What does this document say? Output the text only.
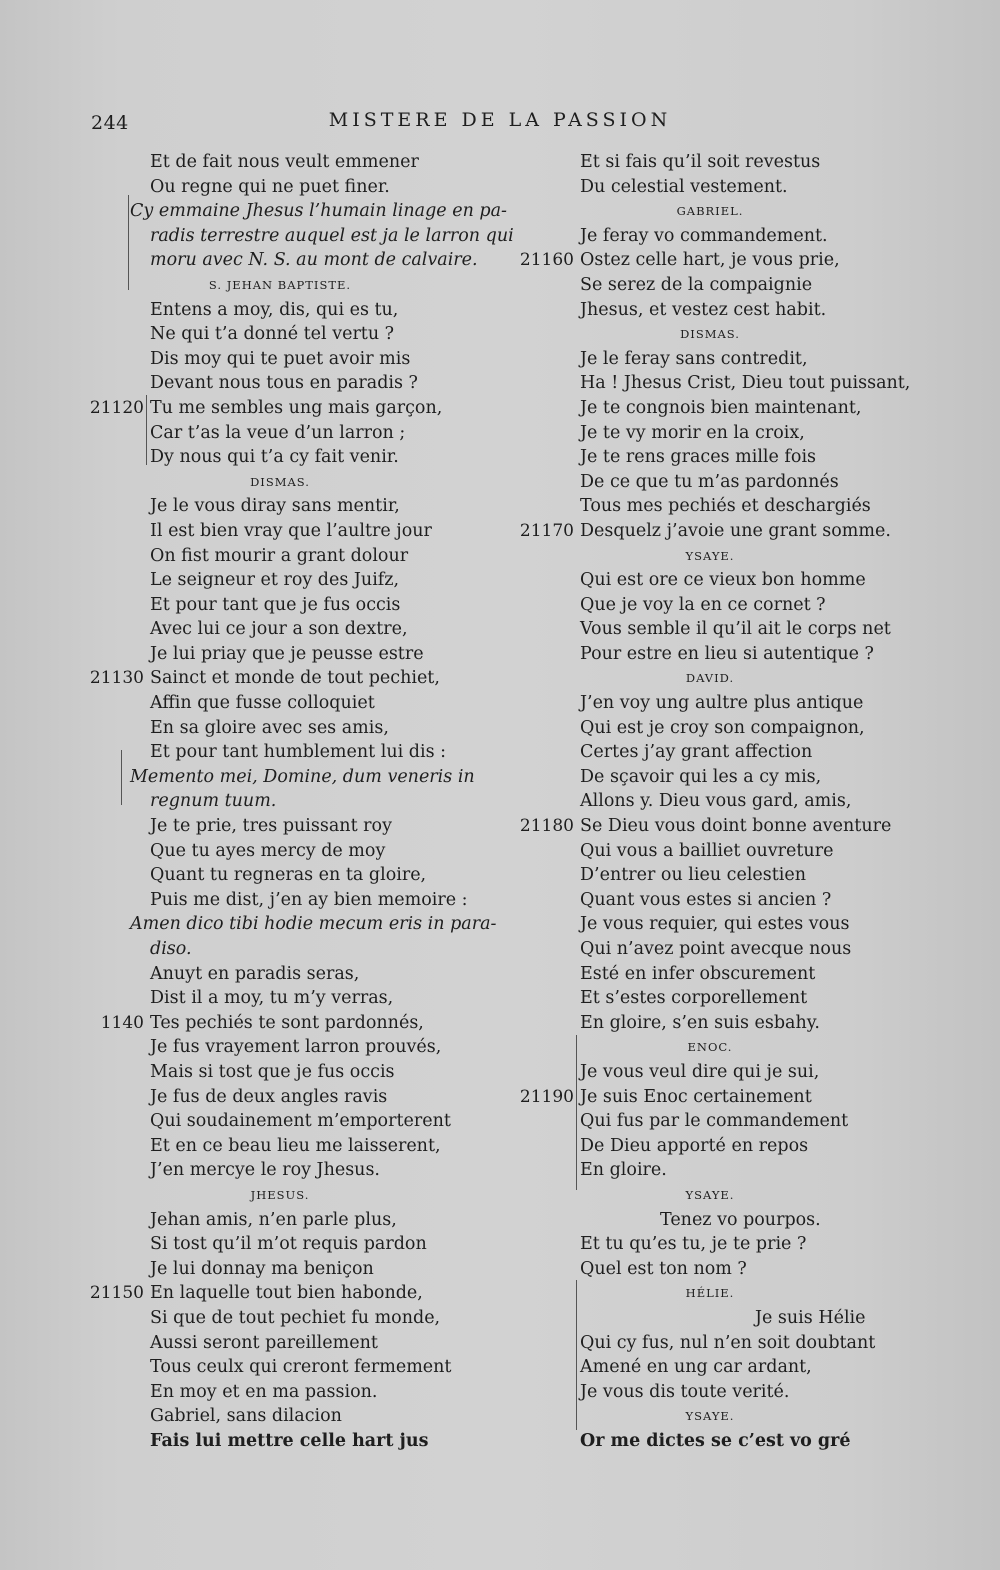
244	MISTERE DE LA PASSION
Et de fait nous veult emmener
Ou regne qui ne puet finer.
Cy emmaine Jhesus l’humain linage en pa-
radis terrestre auquel est ja le larron qui
moru avec N. S. au mont de calvaire.
S. JEHAN BAPTISTE.
Entens a moy, dis, qui es tu,
Ne qui t’a donné tel vertu ?
Dis moy qui te puet avoir mis
Devant nous tous en paradis ?
21120 Tu me sembles ung mais garçon,
Car t’as la veue d’un larron ;
Dy nous qui t’a cy fait venir.
DISMAS.
Je le vous diray sans mentir,
Il est bien vray que l’aultre jour
On fist mourir a grant dolour
Le seigneur et roy des Juifz,
Et pour tant que je fus occis
Avec lui ce jour a son dextre,
Je lui priay que je peusse estre
21130 Sainct et monde de tout pechiet,
Affin que fusse colloquiet
En sa gloire avec ses amis,
Et pour tant humblement lui dis :
Memento mei, Domine, dum veneris in
regnum tuum.
Je te prie, tres puissant roy
Que tu ayes mercy de moy
Quant tu regneras en ta gloire,
Puis me dist, j’en ay bien memoire :
Amen dico tibi hodie mecum eris in para-
diso.
Anuyt en paradis seras,
Dist il a moy, tu m’y verras,
1140 Tes pechiés te sont pardonnés,
Je fus vrayement larron prouvés,
Mais si tost que je fus occis
Je fus de deux angles ravis
Qui soudainement m’emporterent
Et en ce beau lieu me laisserent,
J’en mercye le roy Jhesus.
JHESUS.
Jehan amis, n’en parle plus,
Si tost qu’il m’ot requis pardon
Je lui donnay ma beniçon
21150 En laquelle tout bien habonde,
Si que de tout pechiet fu monde,
Aussi seront pareillement
Tous ceulx qui creront fermement
En moy et en ma passion.
Gabriel, sans dilacion
Fais lui mettre celle hart jus
Et si fais qu’il soit revestus
Du celestial vestement.
GABRIEL.
Je feray vo commandement.
21160 Ostez celle hart, je vous prie,
Se serez de la compaignie
Jhesus, et vestez cest habit.
DISMAS.
Je le feray sans contredit,
Ha ! Jhesus Crist, Dieu tout puissant,
Je te congnois bien maintenant,
Je te vy morir en la croix,
Je te rens graces mille fois
De ce que tu m’as pardonnés
Tous mes pechiés et deschargiés
21170 Desquelz j’avoie une grant somme.
YSAYE.
Qui est ore ce vieux bon homme
Que je voy la en ce cornet ?
Vous semble il qu’il ait le corps net
Pour estre en lieu si autentique ?
DAVID.
J’en voy ung aultre plus antique
Qui est je croy son compaignon,
Certes j’ay grant affection
De sçavoir qui les a cy mis,
Allons y. Dieu vous gard, amis,
21180 Se Dieu vous doint bonne aventure
Qui vous a bailliet ouvreture
D’entrer ou lieu celestien
Quant vous estes si ancien ?
Je vous requier, qui estes vous
Qui n’avez point avecque nous
Esté en infer obscurement
Et s’estes corporellement
En gloire, s’en suis esbahy.
ENOC.
Je vous veul dire qui je sui,
21190 Je suis Enoc certainement
Qui fus par le commandement
De Dieu apporté en repos
En gloire.
YSAYE.
Tenez vo pourpos.
Et tu qu’es tu, je te prie ?
Quel est ton nom ?
HÉLIE.
Je suis Hélie
Qui cy fus, nul n’en soit doubtant
Amené en ung car ardant,
Je vous dis toute verité.
YSAYE.
Or me dictes se c’est vo gré
